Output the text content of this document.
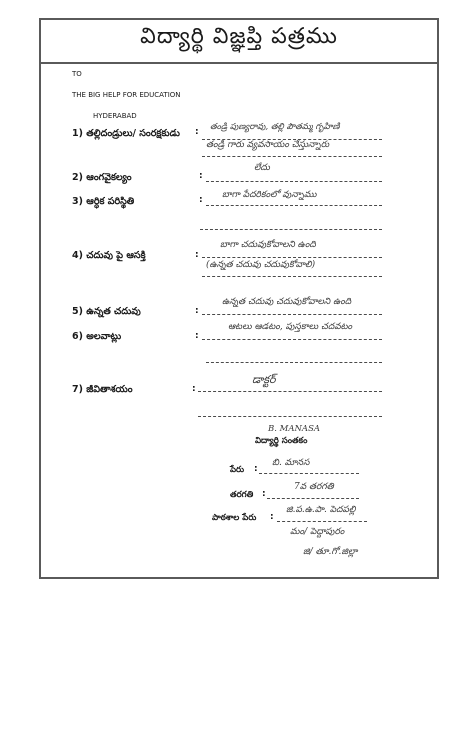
విద్యార్థి విజ్ఞప్తి పత్రము
TO
THE BIG HELP FOR EDUCATION
HYDERABAD
1) తల్లిదండ్రులు/ సంరక్షకుడు : తండ్రి పుణ్యరావు, తల్లి పౌతమ్మ గృహిణి
తండ్రి గారు వ్యవసాయం చేస్తున్నారు
2) ఆంగవైకల్యం	:
లేదు
3) ఆర్ధిక పరిస్థితి	: బాగా పేదరికంలో వున్నాము
4) చదువు పై ఆసక్తి	:
బాగా చదువుకోవాలని ఉంది
(ఉన్నత చదువు చదువుకోవాలి)
5) ఉన్నత చదువు	:
ఉన్నత చదువు చదువుకోవాలని ఉంది
6) అలవాట్లు	:
ఆటలు ఆడటం, పుస్తకాలు చదవటం
7) జీవితాశయం	:
డాక్టర్
B. MANASA
విద్యార్థి సంతకం
పేరు :
బి. మానస
తరగతి :
7వ తరగతి
పాఠశాల పేరు :
జి.ప.ఉ.పా. పెదపల్లి
మం/ పెద్దాపురం
జి/ తూ.గో.జిల్లా
